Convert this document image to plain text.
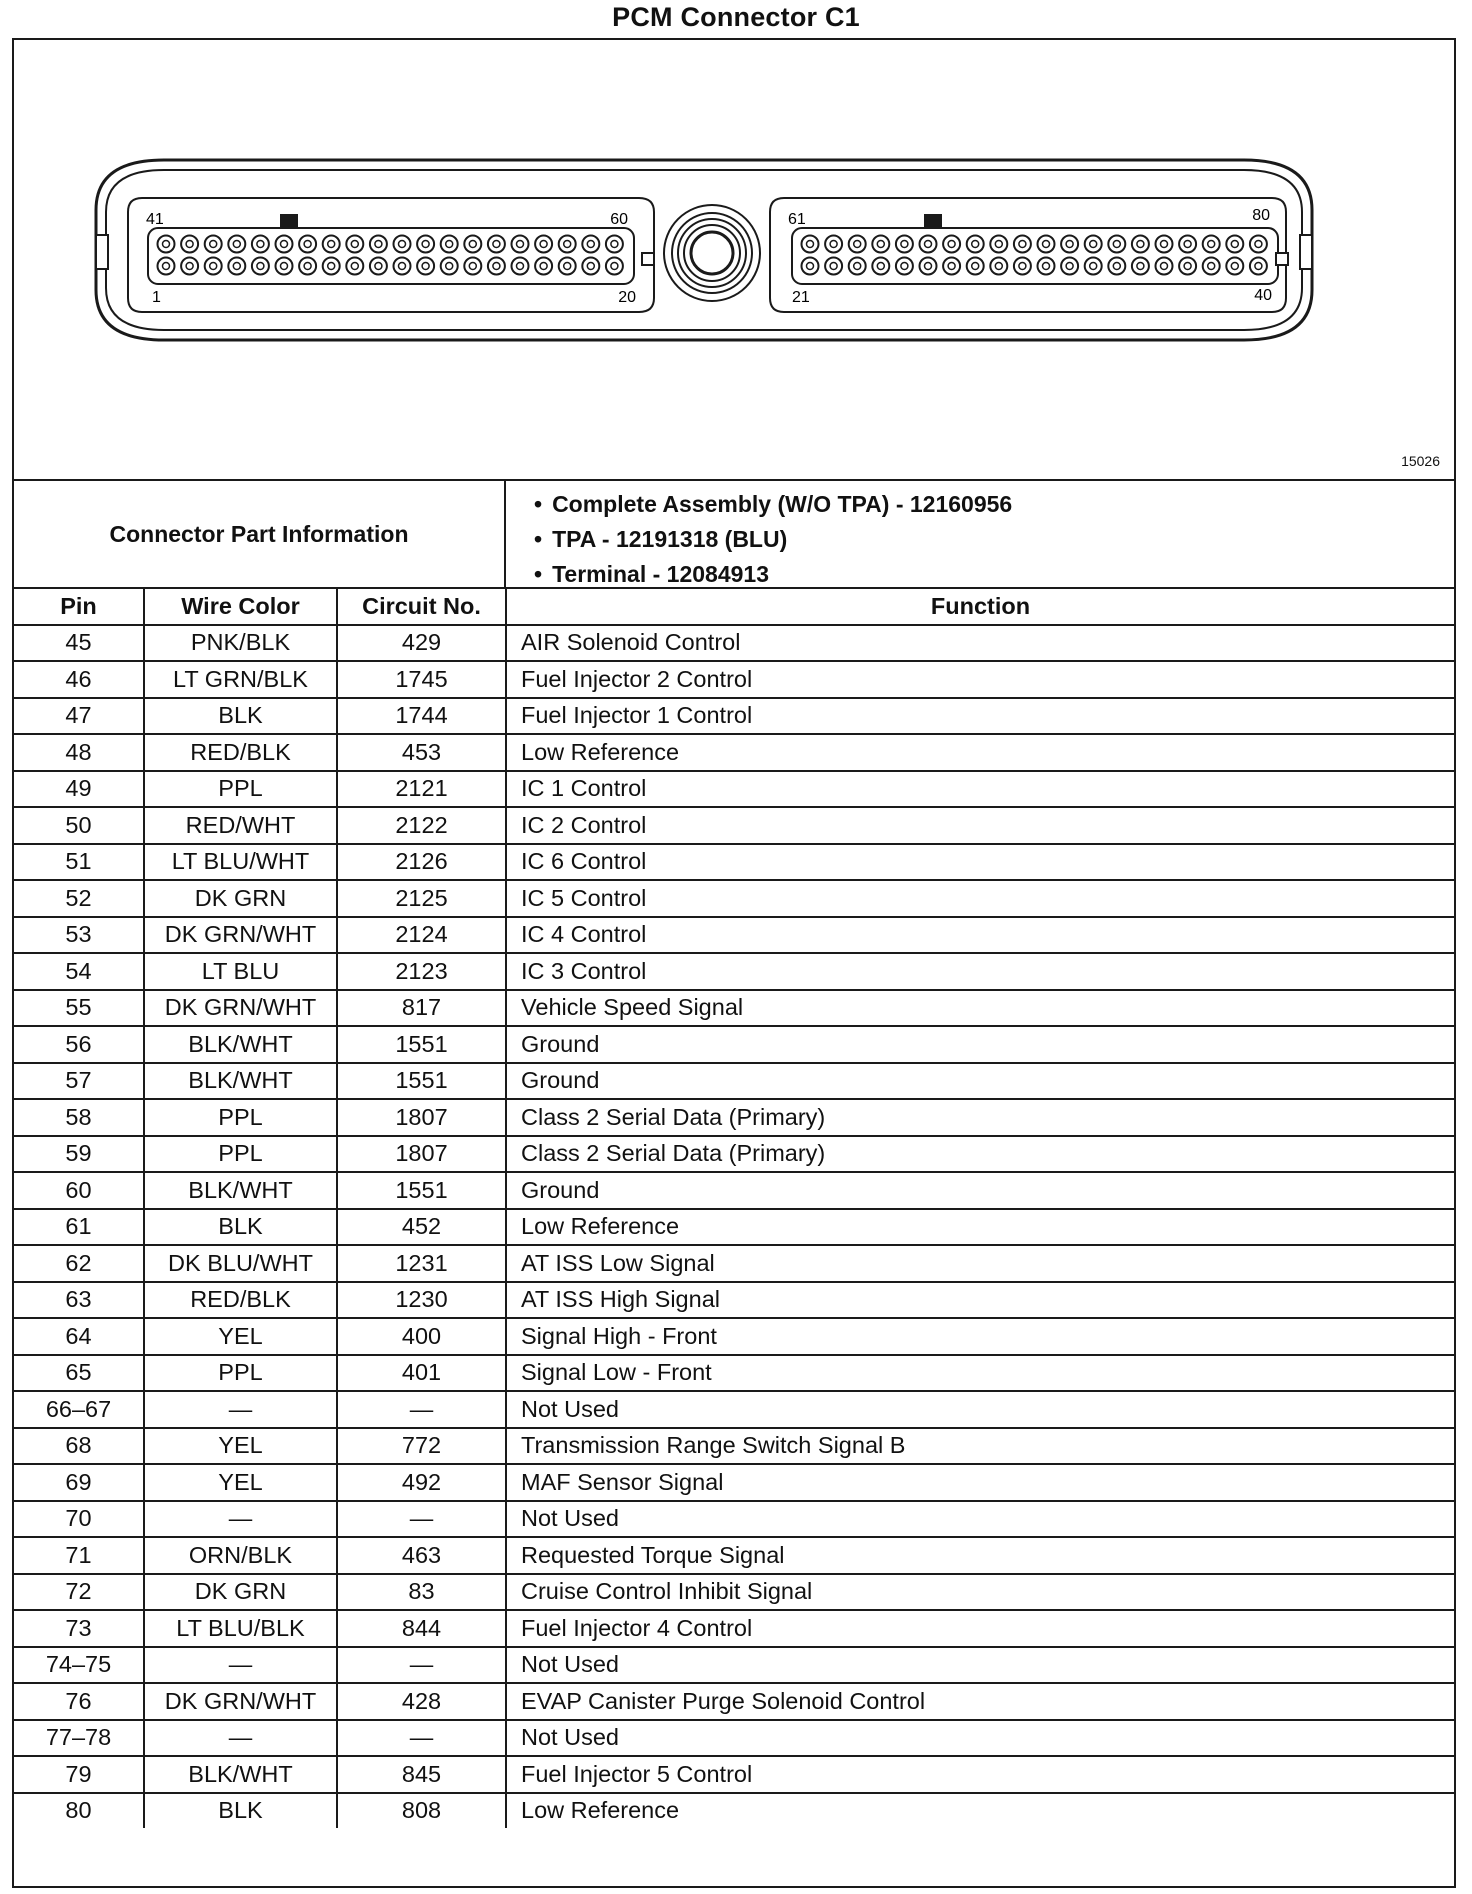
PCM Connector C1
41	60
1	20
61	80
21	40
15026
Connector Part Information
• Complete Assembly (W/O TPA) - 12160956
• TPA - 12191318 (BLU)
• Terminal - 12084913
Pin	Wire Color	Circuit No.	Function
45	PNK/BLK	429	AIR Solenoid Control
46	LT GRN/BLK	1745	Fuel Injector 2 Control
47	BLK	1744	Fuel Injector 1 Control
48	RED/BLK	453	Low Reference
49	PPL	2121	IC 1 Control
50	RED/WHT	2122	IC 2 Control
51	LT BLU/WHT	2126	IC 6 Control
52	DK GRN	2125	IC 5 Control
53	DK GRN/WHT	2124	IC 4 Control
54	LT BLU	2123	IC 3 Control
55	DK GRN/WHT	817	Vehicle Speed Signal
56	BLK/WHT	1551	Ground
57	BLK/WHT	1551	Ground
58	PPL	1807	Class 2 Serial Data (Primary)
59	PPL	1807	Class 2 Serial Data (Primary)
60	BLK/WHT	1551	Ground
61	BLK	452	Low Reference
62	DK BLU/WHT	1231	AT ISS Low Signal
63	RED/BLK	1230	AT ISS High Signal
64	YEL	400	Signal High - Front
65	PPL	401	Signal Low - Front
66–67	—	—	Not Used
68	YEL	772	Transmission Range Switch Signal B
69	YEL	492	MAF Sensor Signal
70	—	—	Not Used
71	ORN/BLK	463	Requested Torque Signal
72	DK GRN	83	Cruise Control Inhibit Signal
73	LT BLU/BLK	844	Fuel Injector 4 Control
74–75	—	—	Not Used
76	DK GRN/WHT	428	EVAP Canister Purge Solenoid Control
77–78	—	—	Not Used
79	BLK/WHT	845	Fuel Injector 5 Control
80	BLK	808	Low Reference
